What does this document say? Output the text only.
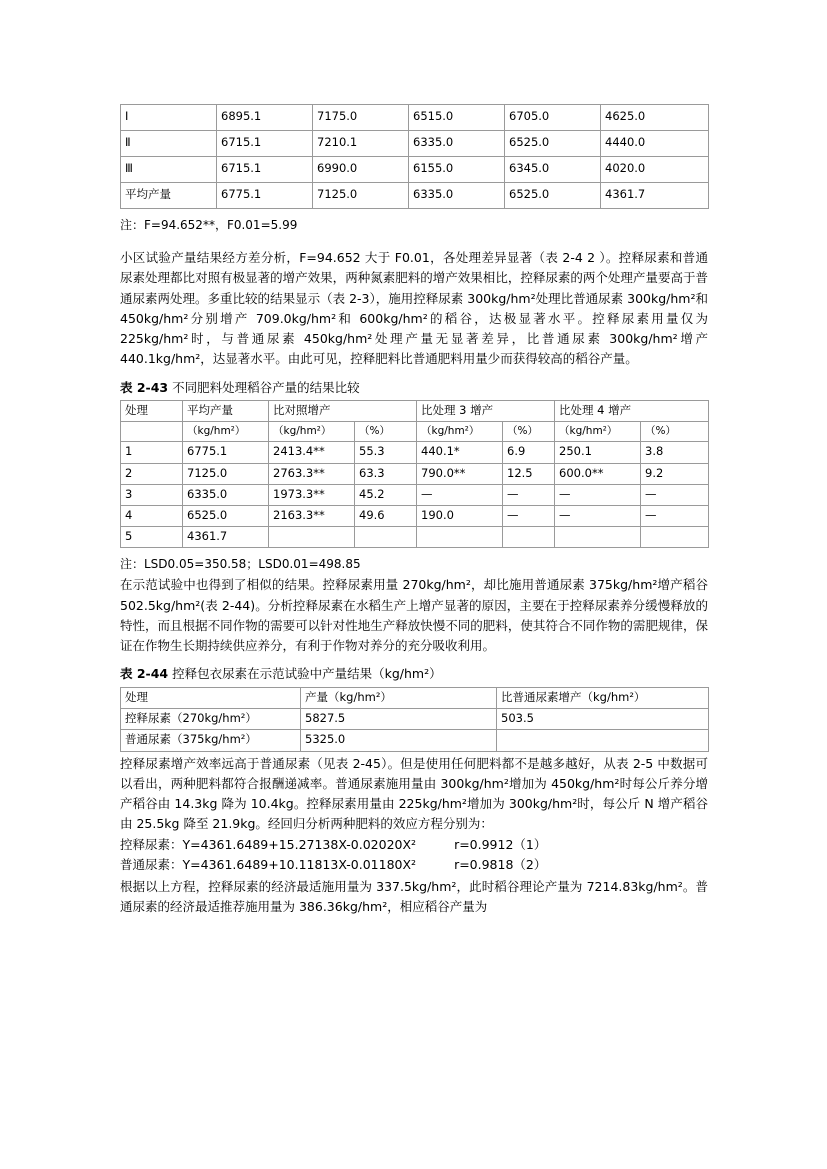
Ⅰ	6895.1	7175.0	6515.0	6705.0	4625.0
Ⅱ	6715.1	7210.1	6335.0	6525.0	4440.0
Ⅲ	6715.1	6990.0	6155.0	6345.0	4020.0
平均产量	6775.1	7125.0	6335.0	6525.0	4361.7

注：F=94.652**，F0.01=5.99

小区试验产量结果经方差分析，F=94.652 大于 F0.01，各处理差异显著（表 2-4 2 ）。控释尿素和普通尿素处理都比对照有极显著的增产效果，两种氮素肥料的增产效果相比，控释尿素的两个处理产量要高于普通尿素两处理。多重比较的结果显示（表 2-3），施用控释尿素 300kg/hm²处理比普通尿素 300kg/hm²和 450kg/hm²分别增产 709.0kg/hm²和 600kg/hm²的稻谷，达极显著水平。控释尿素用量仅为 225kg/hm²时，与普通尿素 450kg/hm²处理产量无显著差异，比普通尿素 300kg/hm²增产 440.1kg/hm²，达显著水平。由此可见，控释肥料比普通肥料用量少而获得较高的稻谷产量。

表 2-43 不同肥料处理稻谷产量的结果比较
处理	平均产量	比对照增产		比处理 3 增产		比处理 4 增产	
	（kg/hm²）	（kg/hm²）	（%）	（kg/hm²）	（%）	（kg/hm²）	（%）
1	6775.1	2413.4**	55.3	440.1*	6.9	250.1	3.8
2	7125.0	2763.3**	63.3	790.0**	12.5	600.0**	9.2
3	6335.0	1973.3**	45.2	—	—	—	—
4	6525.0	2163.3**	49.6	190.0	—	—	—
5	4361.7						

注：LSD0.05=350.58；LSD0.01=498.85

在示范试验中也得到了相似的结果。控释尿素用量 270kg/hm²，却比施用普通尿素 375kg/hm²增产稻谷 502.5kg/hm²(表 2-44)。分析控释尿素在水稻生产上增产显著的原因，主要在于控释尿素养分缓慢释放的特性，而且根据不同作物的需要可以针对性地生产释放快慢不同的肥料，使其符合不同作物的需肥规律，保证在作物生长期持续供应养分，有利于作物对养分的充分吸收利用。

表 2-44 控释包衣尿素在示范试验中产量结果（kg/hm²）
处理	产量（kg/hm²）	比普通尿素增产（kg/hm²）
控释尿素（270kg/hm²）	5827.5	503.5
普通尿素（375kg/hm²）	5325.0	

控释尿素增产效率远高于普通尿素（见表 2-45）。但是使用任何肥料都不是越多越好，从表 2-5 中数据可以看出，两种肥料都符合报酬递减率。普通尿素施用量由 300kg/hm²增加为 450kg/hm²时每公斤养分增产稻谷由 14.3kg 降为 10.4kg。控释尿素用量由 225kg/hm²增加为 300kg/hm²时，每公斤 N 增产稻谷由 25.5kg 降至 21.9kg。经回归分析两种肥料的效应方程分别为：

控释尿素：Y=4361.6489+15.27138X-0.02020X²	r=0.9912（1）

普通尿素：Y=4361.6489+10.11813X-0.01180X²	r=0.9818（2）

根据以上方程，控释尿素的经济最适施用量为 337.5kg/hm²，此时稻谷理论产量为 7214.83kg/hm²。普通尿素的经济最适推荐施用量为 386.36kg/hm²，相应稻谷产量为
